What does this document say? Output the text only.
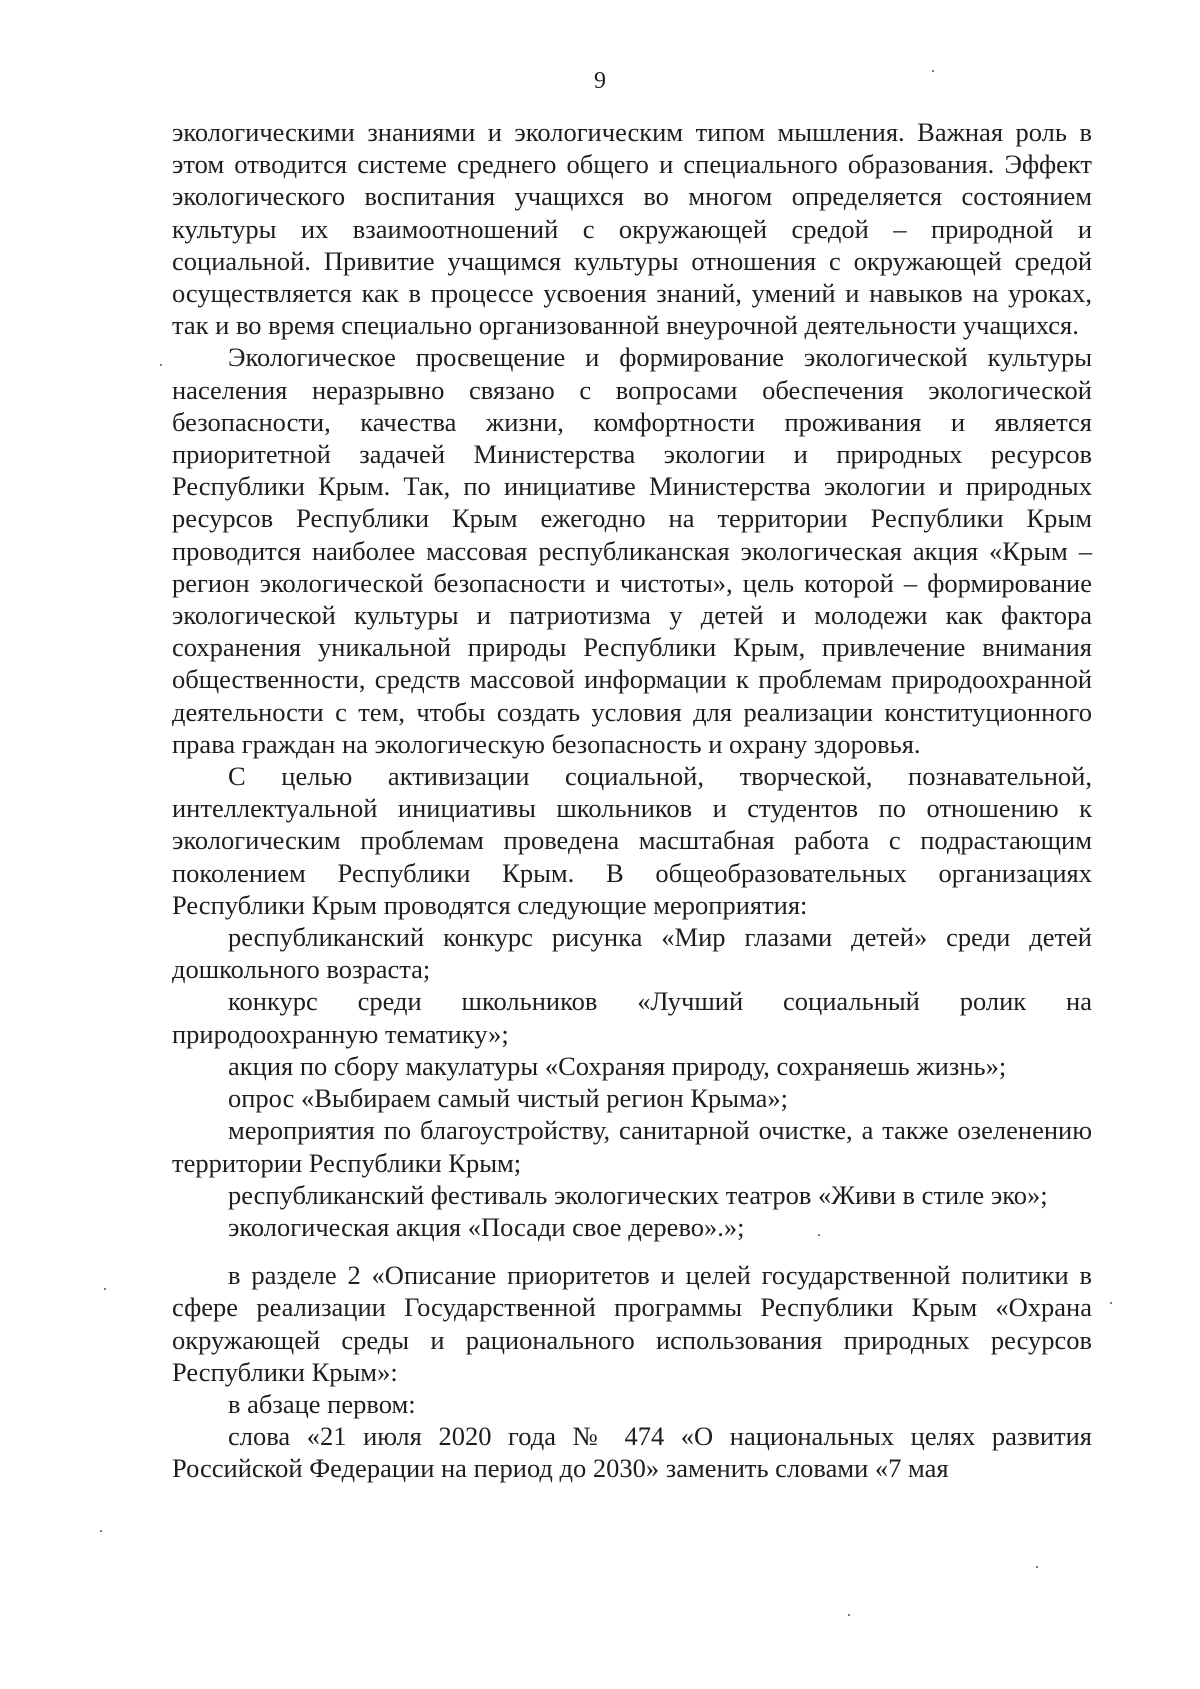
9

экологическими знаниями и экологическим типом мышления. Важная роль в этом отводится системе среднего общего и специального образования. Эффект экологического воспитания учащихся во многом определяется состоянием культуры их взаимоотношений с окружающей средой – природной и социальной. Привитие учащимся культуры отношения с окружающей средой осуществляется как в процессе усвоения знаний, умений и навыков на уроках, так и во время специально организованной внеурочной деятельности учащихся.

Экологическое просвещение и формирование экологической культуры населения неразрывно связано с вопросами обеспечения экологической безопасности, качества жизни, комфортности проживания и является приоритетной задачей Министерства экологии и природных ресурсов Республики Крым. Так, по инициативе Министерства экологии и природных ресурсов Республики Крым ежегодно на территории Республики Крым проводится наиболее массовая республиканская экологическая акция «Крым – регион экологической безопасности и чистоты», цель которой – формирование экологической культуры и патриотизма у детей и молодежи как фактора сохранения уникальной природы Республики Крым, привлечение внимания общественности, средств массовой информации к проблемам природоохранной деятельности с тем, чтобы создать условия для реализации конституционного права граждан на экологическую безопасность и охрану здоровья.

С целью активизации социальной, творческой, познавательной, интеллектуальной инициативы школьников и студентов по отношению к экологическим проблемам проведена масштабная работа с подрастающим поколением Республики Крым. В общеобразовательных организациях Республики Крым проводятся следующие мероприятия:

республиканский конкурс рисунка «Мир глазами детей» среди детей дошкольного возраста;

конкурс среди школьников «Лучший социальный ролик на природоохранную тематику»;

акция по сбору макулатуры «Сохраняя природу, сохраняешь жизнь»;

опрос «Выбираем самый чистый регион Крыма»;

мероприятия по благоустройству, санитарной очистке, а также озеленению территории Республики Крым;

республиканский фестиваль экологических театров «Живи в стиле эко»;

экологическая акция «Посади свое дерево».»;

в разделе 2 «Описание приоритетов и целей государственной политики в сфере реализации Государственной программы Республики Крым «Охрана окружающей среды и рационального использования природных ресурсов Республики Крым»:

в абзаце первом:

слова «21 июля 2020 года № 474 «О национальных целях развития Российской Федерации на период до 2030» заменить словами «7 мая
